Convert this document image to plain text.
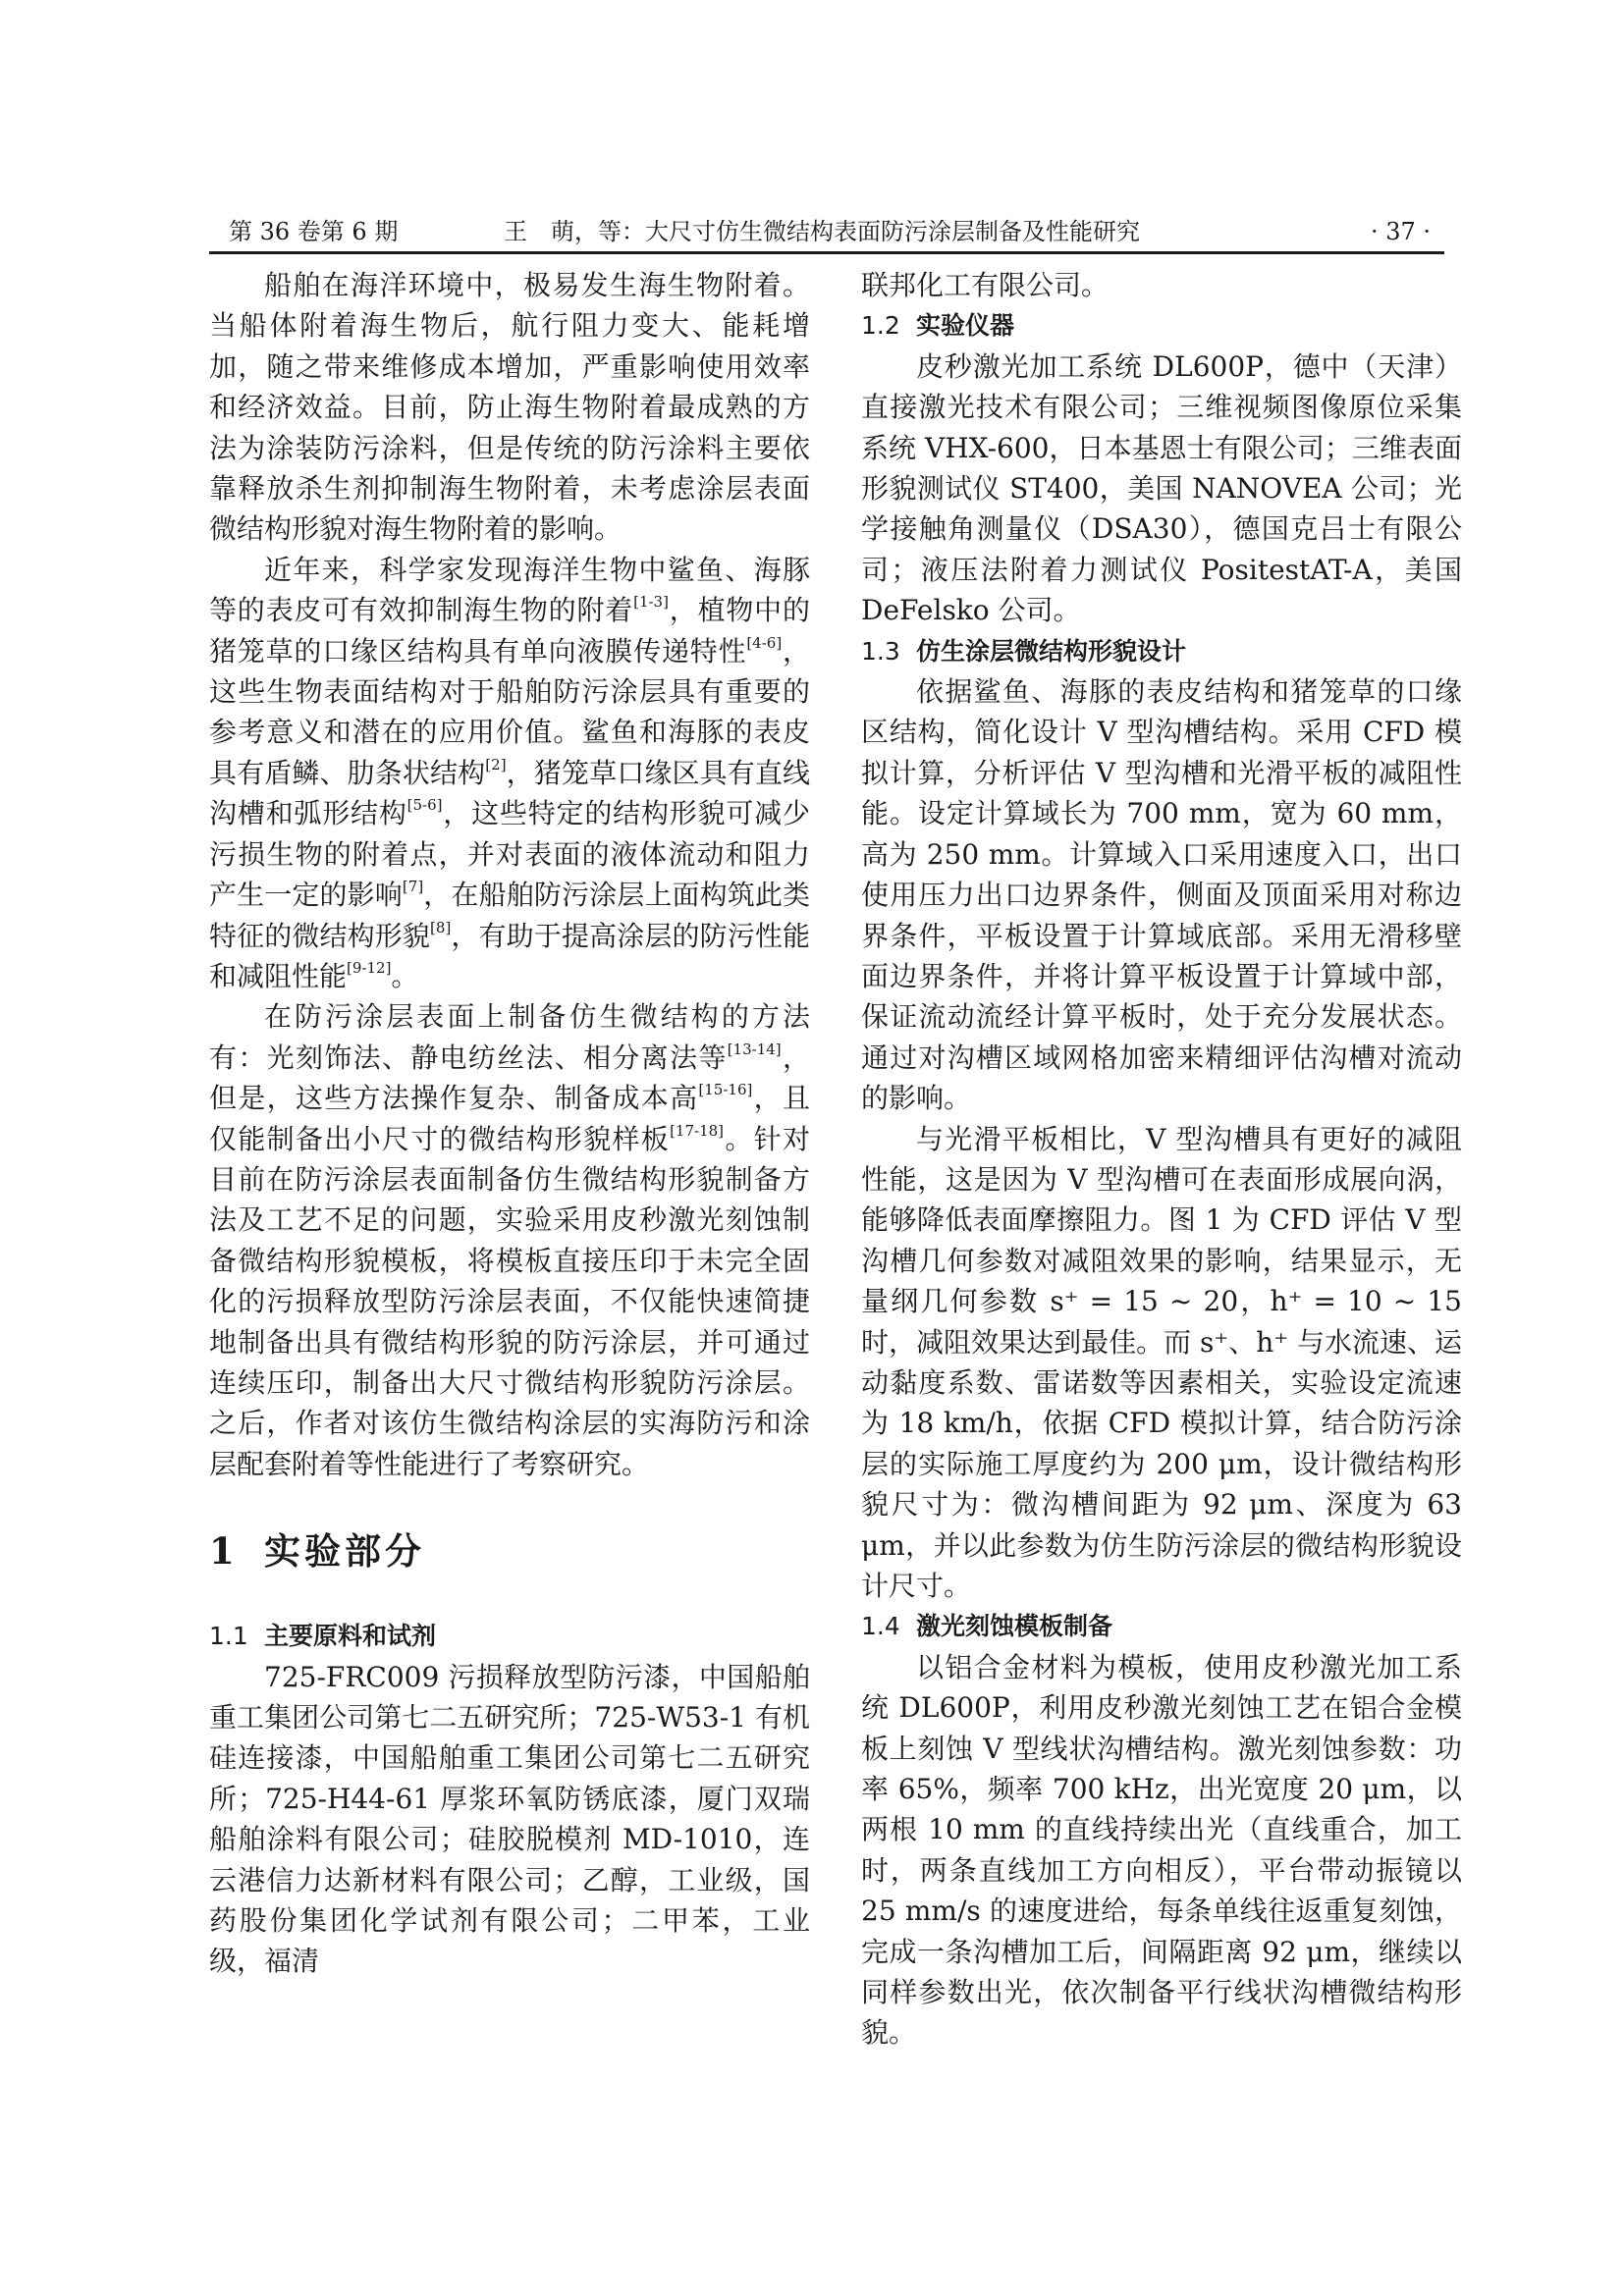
第 36 卷第 6 期	王　萌，等：大尺寸仿生微结构表面防污涂层制备及性能研究	· 37 ·

船舶在海洋环境中，极易发生海生物附着。当船体附着海生物后，航行阻力变大、能耗增加，随之带来维修成本增加，严重影响使用效率和经济效益。目前，防止海生物附着最成熟的方法为涂装防污涂料，但是传统的防污涂料主要依靠释放杀生剂抑制海生物附着，未考虑涂层表面微结构形貌对海生物附着的影响。

近年来，科学家发现海洋生物中鲨鱼、海豚等的表皮可有效抑制海生物的附着[1-3]，植物中的猪笼草的口缘区结构具有单向液膜传递特性[4-6]，这些生物表面结构对于船舶防污涂层具有重要的参考意义和潜在的应用价值。鲨鱼和海豚的表皮具有盾鳞、肋条状结构[2]，猪笼草口缘区具有直线沟槽和弧形结构[5-6]，这些特定的结构形貌可减少污损生物的附着点，并对表面的液体流动和阻力产生一定的影响[7]，在船舶防污涂层上面构筑此类特征的微结构形貌[8]，有助于提高涂层的防污性能和减阻性能[9-12]。

在防污涂层表面上制备仿生微结构的方法有：光刻饰法、静电纺丝法、相分离法等[13-14]，但是，这些方法操作复杂、制备成本高[15-16]，且仅能制备出小尺寸的微结构形貌样板[17-18]。针对目前在防污涂层表面制备仿生微结构形貌制备方法及工艺不足的问题，实验采用皮秒激光刻蚀制备微结构形貌模板，将模板直接压印于未完全固化的污损释放型防污涂层表面，不仅能快速简捷地制备出具有微结构形貌的防污涂层，并可通过连续压印，制备出大尺寸微结构形貌防污涂层。之后，作者对该仿生微结构涂层的实海防污和涂层配套附着等性能进行了考察研究。

1 实验部分
1.1 主要原料和试剂

725-FRC009 污损释放型防污漆，中国船舶重工集团公司第七二五研究所；725-W53-1 有机硅连接漆，中国船舶重工集团公司第七二五研究所；725-H44-61 厚浆环氧防锈底漆，厦门双瑞船舶涂料有限公司；硅胶脱模剂 MD-1010，连云港信力达新材料有限公司；乙醇，工业级，国药股份集团化学试剂有限公司；二甲苯，工业级，福清

联邦化工有限公司。

1.2 实验仪器

皮秒激光加工系统 DL600P，德中（天津）直接激光技术有限公司；三维视频图像原位采集系统 VHX-600，日本基恩士有限公司；三维表面形貌测试仪 ST400，美国 NANOVEA 公司；光学接触角测量仪（DSA30），德国克吕士有限公司；液压法附着力测试仪 PositestAT-A，美国 DeFelsko 公司。

1.3 仿生涂层微结构形貌设计

依据鲨鱼、海豚的表皮结构和猪笼草的口缘区结构，简化设计 V 型沟槽结构。采用 CFD 模拟计算，分析评估 V 型沟槽和光滑平板的减阻性能。设定计算域长为 700 mm，宽为 60 mm，高为 250 mm。计算域入口采用速度入口，出口使用压力出口边界条件，侧面及顶面采用对称边界条件，平板设置于计算域底部。采用无滑移壁面边界条件，并将计算平板设置于计算域中部，保证流动流经计算平板时，处于充分发展状态。通过对沟槽区域网格加密来精细评估沟槽对流动的影响。

与光滑平板相比，V 型沟槽具有更好的减阻性能，这是因为 V 型沟槽可在表面形成展向涡，能够降低表面摩擦阻力。图 1 为 CFD 评估 V 型沟槽几何参数对减阻效果的影响，结果显示，无量纲几何参数 s⁺ = 15 ~ 20，h⁺ = 10 ~ 15 时，减阻效果达到最佳。而 s⁺、h⁺ 与水流速、运动黏度系数、雷诺数等因素相关，实验设定流速为 18 km/h，依据 CFD 模拟计算，结合防污涂层的实际施工厚度约为 200 μm，设计微结构形貌尺寸为：微沟槽间距为 92 μm、深度为 63 μm，并以此参数为仿生防污涂层的微结构形貌设计尺寸。

1.4 激光刻蚀模板制备

以铝合金材料为模板，使用皮秒激光加工系统 DL600P，利用皮秒激光刻蚀工艺在铝合金模板上刻蚀 V 型线状沟槽结构。激光刻蚀参数：功率 65%，频率 700 kHz，出光宽度 20 μm，以两根 10 mm 的直线持续出光（直线重合，加工时，两条直线加工方向相反），平台带动振镜以 25 mm/s 的速度进给，每条单线往返重复刻蚀，完成一条沟槽加工后，间隔距离 92 μm，继续以同样参数出光，依次制备平行线状沟槽微结构形貌。
